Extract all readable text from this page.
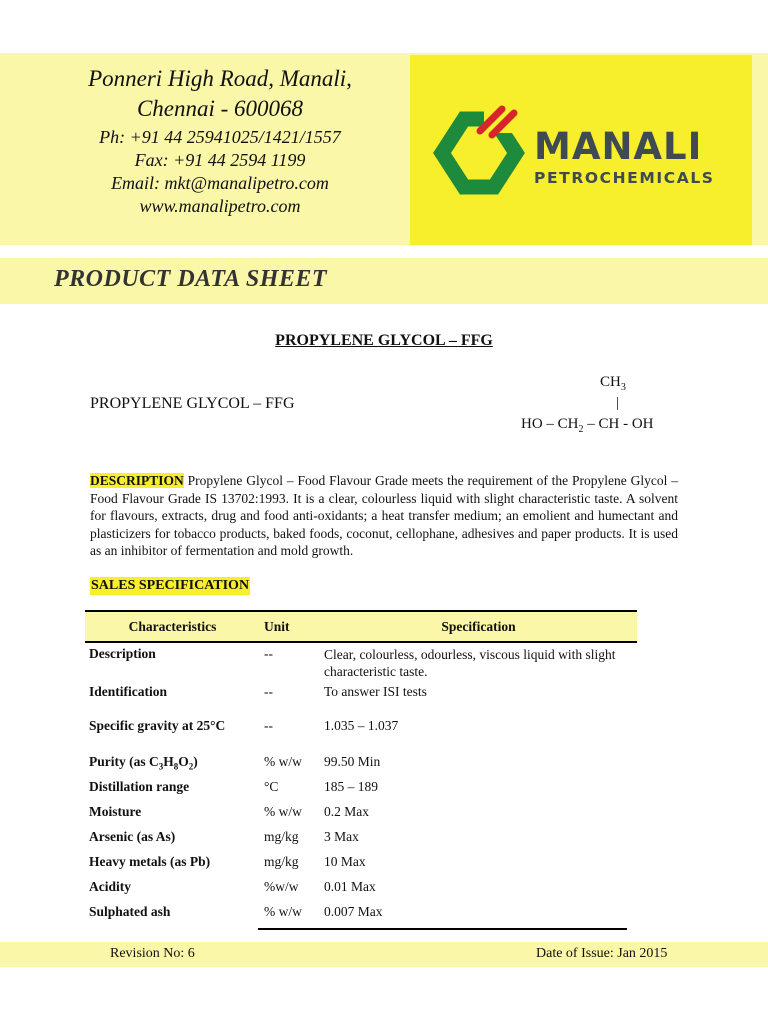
Ponneri High Road, Manali,
Chennai - 600068
Ph: +91 44 25941025/1421/1557
Fax: +91 44 2594 1199
Email: mkt@manalipetro.com
www.manalipetro.com
MANALI
PETROCHEMICALS
PRODUCT DATA SHEET
PROPYLENE GLYCOL – FFG
PROPYLENE GLYCOL – FFG
$CH_3$
|
HO – $CH_2$ – CH - OH
DESCRIPTION Propylene Glycol – Food Flavour Grade meets the requirement of the Propylene Glycol – Food Flavour Grade IS 13702:1993. It is a clear, colourless liquid with slight characteristic taste. A solvent for flavours, extracts, drug and food anti-oxidants; a heat transfer medium; an emolient and humectant and plasticizers for tobacco products, baked foods, coconut, cellophane, adhesives and paper products. It is used as an inhibitor of fermentation and mold growth.
SALES SPECIFICATION
Characteristics	Unit	Specification
Description	--	Clear, colourless, odourless, viscous liquid with slight characteristic taste.
Identification	--	To answer ISI tests
Specific gravity at 25°C	--	1.035 – 1.037
Purity (as $C_3H_8O_2$)	% w/w	99.50 Min
Distillation range	°C	185 – 189
Moisture	% w/w	0.2 Max
Arsenic (as As)	mg/kg	3 Max
Heavy metals (as Pb)	mg/kg	10 Max
Acidity	%w/w	0.01 Max
Sulphated ash	% w/w	0.007 Max
Revision No: 6	Date of Issue: Jan 2015
